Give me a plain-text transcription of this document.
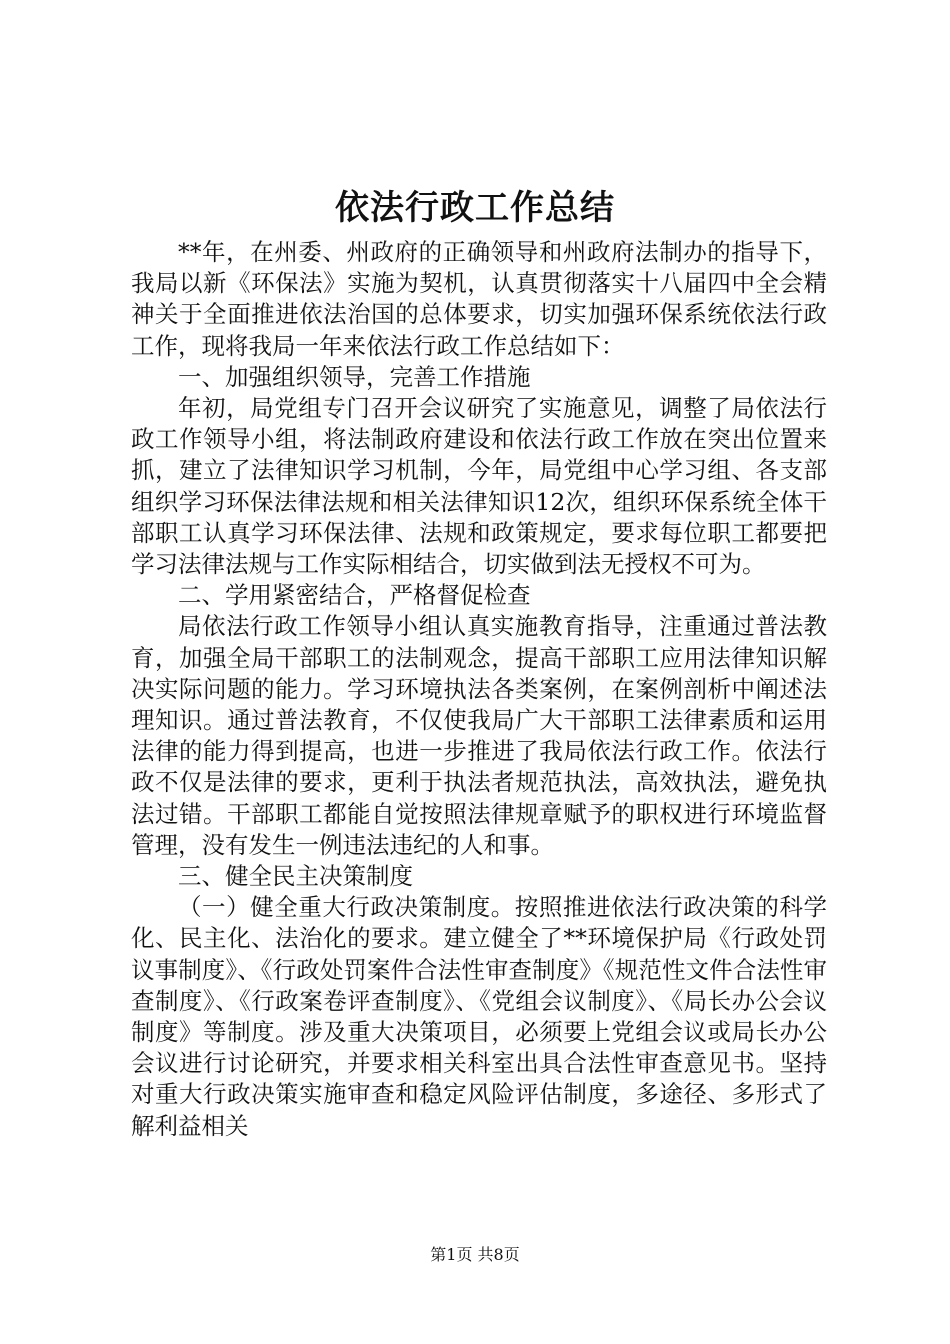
依法行政工作总结

**年，在州委、州政府的正确领导和州政府法制办的指导下，我局以新《环保法》实施为契机，认真贯彻落实十八届四中全会精神关于全面推进依法治国的总体要求，切实加强环保系统依法行政工作，现将我局一年来依法行政工作总结如下：

一、加强组织领导，完善工作措施

年初，局党组专门召开会议研究了实施意见，调整了局依法行政工作领导小组，将法制政府建设和依法行政工作放在突出位置来抓，建立了法律知识学习机制，今年，局党组中心学习组、各支部组织学习环保法律法规和相关法律知识12次，组织环保系统全体干部职工认真学习环保法律、法规和政策规定，要求每位职工都要把学习法律法规与工作实际相结合，切实做到法无授权不可为。

二、学用紧密结合，严格督促检查

局依法行政工作领导小组认真实施教育指导，注重通过普法教育，加强全局干部职工的法制观念，提高干部职工应用法律知识解决实际问题的能力。学习环境执法各类案例，在案例剖析中阐述法理知识。通过普法教育，不仅使我局广大干部职工法律素质和运用法律的能力得到提高，也进一步推进了我局依法行政工作。依法行政不仅是法律的要求，更利于执法者规范执法，高效执法，避免执法过错。干部职工都能自觉按照法律规章赋予的职权进行环境监督管理，没有发生一例违法违纪的人和事。

三、健全民主决策制度

（一）健全重大行政决策制度。按照推进依法行政决策的科学化、民主化、法治化的要求。建立健全了**环境保护局《行政处罚议事制度》、《行政处罚案件合法性审查制度》《规范性文件合法性审查制度》、《行政案卷评查制度》、《党组会议制度》、《局长办公会议制度》等制度。涉及重大决策项目，必须要上党组会议或局长办公会议进行讨论研究，并要求相关科室出具合法性审查意见书。坚持对重大行政决策实施审查和稳定风险评估制度，多途径、多形式了解利益相关

第1页 共8页
